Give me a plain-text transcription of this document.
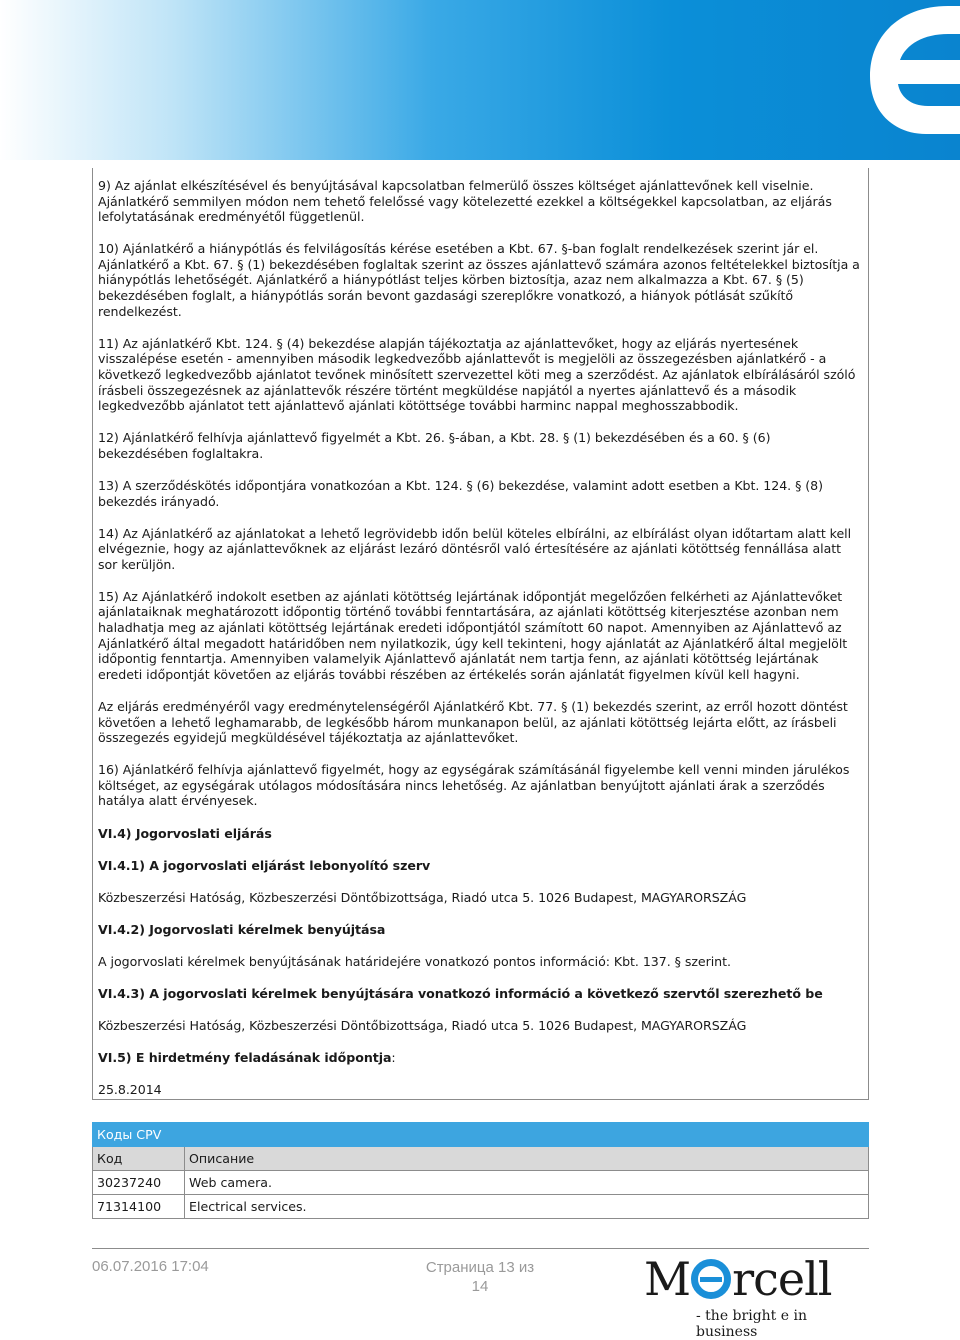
9) Az ajánlat elkészítésével és benyújtásával kapcsolatban felmerülő összes költséget ajánlattevőnek kell viselnie. Ajánlatkérő semmilyen módon nem tehető felelőssé vagy kötelezetté ezekkel a költségekkel kapcsolatban, az eljárás lefolytatásának eredményétől függetlenül.

10) Ajánlatkérő a hiánypótlás és felvilágosítás kérése esetében a Kbt. 67. §-ban foglalt rendelkezések szerint jár el. Ajánlatkérő a Kbt. 67. § (1) bekezdésében foglaltak szerint az összes ajánlattevő számára azonos feltételekkel biztosítja a hiánypótlás lehetőségét. Ajánlatkérő a hiánypótlást teljes körben biztosítja, azaz nem alkalmazza a Kbt. 67. § (5) bekezdésében foglalt, a hiánypótlás során bevont gazdasági szereplőkre vonatkozó, a hiányok pótlását szűkítő rendelkezést.

11) Az ajánlatkérő Kbt. 124. § (4) bekezdése alapján tájékoztatja az ajánlattevőket, hogy az eljárás nyertesének visszalépése esetén - amennyiben második legkedvezőbb ajánlattevőt is megjelöli az összegezésben ajánlatkérő - a következő legkedvezőbb ajánlatot tevőnek minősített szervezettel köti meg a szerződést. Az ajánlatok elbírálásáról szóló írásbeli összegezésnek az ajánlattevők részére történt megküldése napjától a nyertes ajánlattevő és a második legkedvezőbb ajánlatot tett ajánlattevő ajánlati kötöttsége további harminc nappal meghosszabbodik.

12) Ajánlatkérő felhívja ajánlattevő figyelmét a Kbt. 26. §-ában, a Kbt. 28. § (1) bekezdésében és a 60. § (6) bekezdésében foglaltakra.

13) A szerződéskötés időpontjára vonatkozóan a Kbt. 124. § (6) bekezdése, valamint adott esetben a Kbt. 124. § (8) bekezdés irányadó.

14) Az Ajánlatkérő az ajánlatokat a lehető legrövidebb időn belül köteles elbírálni, az elbírálást olyan időtartam alatt kell elvégeznie, hogy az ajánlattevőknek az eljárást lezáró döntésről való értesítésére az ajánlati kötöttség fennállása alatt sor kerüljön.

15) Az Ajánlatkérő indokolt esetben az ajánlati kötöttség lejártának időpontját megelőzően felkérheti az Ajánlattevőket ajánlataiknak meghatározott időpontig történő további fenntartására, az ajánlati kötöttség kiterjesztése azonban nem haladhatja meg az ajánlati kötöttség lejártának eredeti időpontjától számított 60 napot. Amennyiben az Ajánlattevő az Ajánlatkérő által megadott határidőben nem nyilatkozik, úgy kell tekinteni, hogy ajánlatát az Ajánlatkérő által megjelölt időpontig fenntartja. Amennyiben valamelyik Ajánlattevő ajánlatát nem tartja fenn, az ajánlati kötöttség lejártának eredeti időpontját követően az eljárás további részében az értékelés során ajánlatát figyelmen kívül kell hagyni.

Az eljárás eredményéről vagy eredménytelenségéről Ajánlatkérő Kbt. 77. § (1) bekezdés szerint, az erről hozott döntést követően a lehető leghamarabb, de legkésőbb három munkanapon belül, az ajánlati kötöttség lejárta előtt, az írásbeli összegezés egyidejű megküldésével tájékoztatja az ajánlattevőket.

16) Ajánlatkérő felhívja ajánlattevő figyelmét, hogy az egységárak számításánál figyelembe kell venni minden járulékos költséget, az egységárak utólagos módosítására nincs lehetőség. Az ajánlatban benyújtott ajánlati árak a szerződés hatálya alatt érvényesek.

VI.4) Jogorvoslati eljárás

VI.4.1) A jogorvoslati eljárást lebonyolító szerv

Közbeszerzési Hatóság, Közbeszerzési Döntőbizottsága, Riadó utca 5. 1026 Budapest, MAGYARORSZÁG

VI.4.2) Jogorvoslati kérelmek benyújtása

A jogorvoslati kérelmek benyújtásának határidejére vonatkozó pontos információ: Kbt. 137. § szerint.

VI.4.3) A jogorvoslati kérelmek benyújtására vonatkozó információ a következő szervtől szerezhető be

Közbeszerzési Hatóság, Közbeszerzési Döntőbizottsága, Riadó utca 5. 1026 Budapest, MAGYARORSZÁG

VI.5) E hirdetmény feladásának időpontja:

25.8.2014

Коды CPV	
Код	Описание
30237240	Web camera.
71314100	Electrical services.
06.07.2016 17:04	Страница 13 из
14	M rcell
- the bright e in business
